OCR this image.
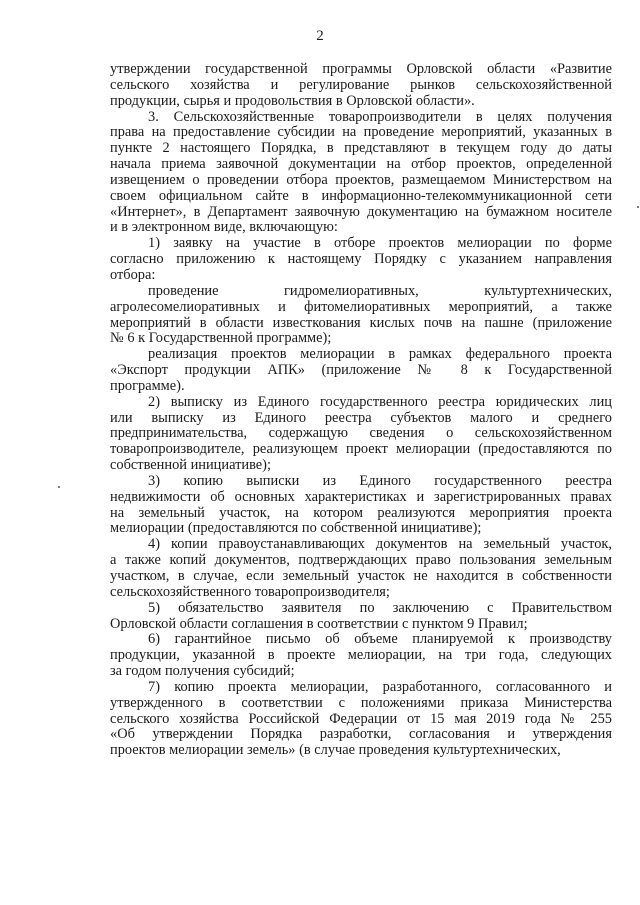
2
утверждении государственной программы Орловской области «Развитие
сельского хозяйства и регулирование рынков сельскохозяйственной
продукции, сырья и продовольствия в Орловской области».
3. Сельскохозяйственные товаропроизводители в целях получения
права на предоставление субсидии на проведение мероприятий, указанных в
пункте 2 настоящего Порядка, в представляют в текущем году до даты
начала приема заявочной документации на отбор проектов, определенной
извещением о проведении отбора проектов, размещаемом Министерством на
своем официальном сайте в информационно-телекоммуникационной сети
«Интернет», в Департамент заявочную документацию на бумажном носителе
и в электронном виде, включающую:
1) заявку на участие в отборе проектов мелиорации по форме
согласно приложению к настоящему Порядку с указанием направления
отбора:
проведение гидромелиоративных, культуртехнических,
агролесомелиоративных и фитомелиоративных мероприятий, а также
мероприятий в области известкования кислых почв на пашне (приложение
№ 6 к Государственной программе);
реализация проектов мелиорации в рамках федерального проекта
«Экспорт продукции АПК» (приложение № 8 к Государственной
программе).
2) выписку из Единого государственного реестра юридических лиц
или выписку из Единого реестра субъектов малого и среднего
предпринимательства, содержащую сведения о сельскохозяйственном
товаропроизводителе, реализующем проект мелиорации (предоставляются по
собственной инициативе);
3) копию выписки из Единого государственного реестра
недвижимости об основных характеристиках и зарегистрированных правах
на земельный участок, на котором реализуются мероприятия проекта
мелиорации (предоставляются по собственной инициативе);
4) копии правоустанавливающих документов на земельный участок,
а также копий документов, подтверждающих право пользования земельным
участком, в случае, если земельный участок не находится в собственности
сельскохозяйственного товаропроизводителя;
5) обязательство заявителя по заключению с Правительством
Орловской области соглашения в соответствии с пунктом 9 Правил;
6) гарантийное письмо об объеме планируемой к производству
продукции, указанной в проекте мелиорации, на три года, следующих
за годом получения субсидий;
7) копию проекта мелиорации, разработанного, согласованного и
утвержденного в соответствии с положениями приказа Министерства
сельского хозяйства Российской Федерации от 15 мая 2019 года № 255
«Об утверждении Порядка разработки, согласования и утверждения
проектов мелиорации земель» (в случае проведения культуртехнических,
